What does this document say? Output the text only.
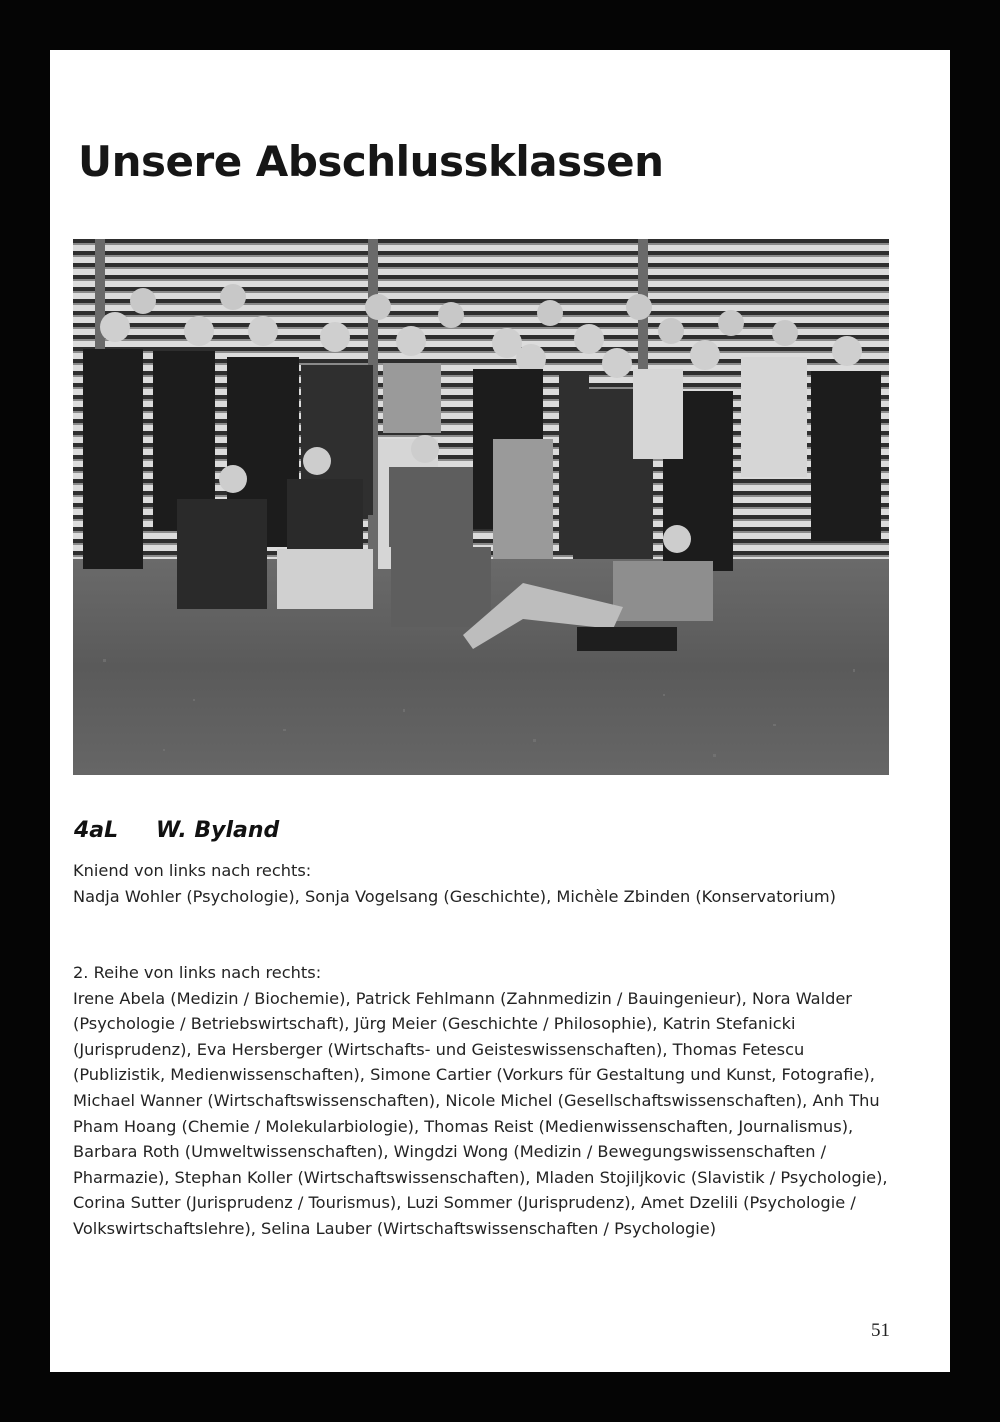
Unsere Abschlussklassen
4aL W. Byland

Kniend von links nach rechts:

Nadja Wohler (Psychologie), Sonja Vogelsang (Geschichte), Michèle Zbinden (Konservatorium)

2. Reihe von links nach rechts:

Irene Abela (Medizin / Biochemie), Patrick Fehlmann (Zahnmedizin / Bauingenieur), Nora Walder (Psychologie / Betriebswirtschaft), Jürg Meier (Geschichte / Philosophie), Katrin Stefanicki (Jurisprudenz), Eva Hersberger (Wirtschafts- und Geisteswissenschaften), Thomas Fetescu (Publizistik, Medienwissenschaften), Simone Cartier (Vorkurs für Gestaltung und Kunst, Fotografie), Michael Wanner (Wirtschaftswissenschaften), Nicole Michel (Gesellschaftswissenschaften), Anh Thu Pham Hoang (Chemie / Molekularbiologie), Thomas Reist (Medienwissenschaften, Journalismus), Barbara Roth (Umweltwissenschaften), Wingdzi Wong (Medizin / Bewegungswissenschaften / Pharmazie), Stephan Koller (Wirtschaftswissenschaften), Mladen Stojiljkovic (Slavistik / Psychologie), Corina Sutter (Jurisprudenz / Tourismus), Luzi Sommer (Jurisprudenz), Amet Dzelili (Psychologie / Volkswirtschaftslehre), Selina Lauber (Wirtschaftswissenschaften / Psychologie)

51
